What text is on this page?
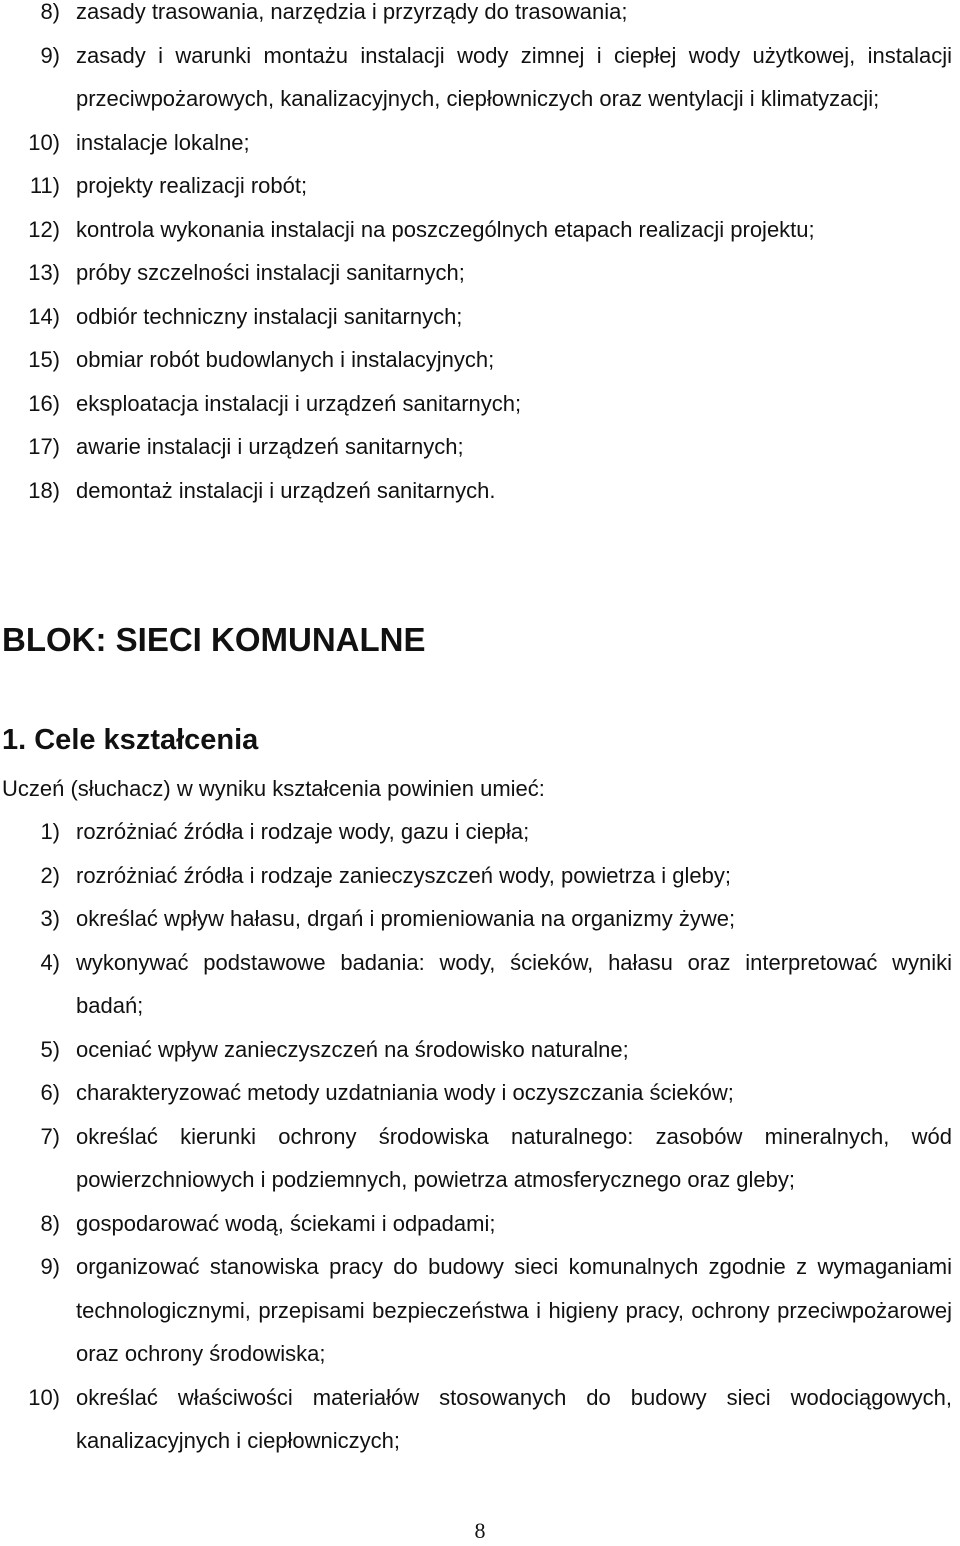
8) zasady trasowania, narzędzia i przyrządy do trasowania;
9) zasady i warunki montażu instalacji wody zimnej i ciepłej wody użytkowej, instalacji przeciwpożarowych, kanalizacyjnych, ciepłowniczych oraz wentylacji i klimatyzacji;
10) instalacje lokalne;
11) projekty realizacji robót;
12) kontrola wykonania instalacji na poszczególnych etapach realizacji projektu;
13) próby szczelności instalacji sanitarnych;
14) odbiór techniczny instalacji sanitarnych;
15) obmiar robót budowlanych i instalacyjnych;
16) eksploatacja instalacji i urządzeń sanitarnych;
17) awarie instalacji i urządzeń sanitarnych;
18) demontaż instalacji i urządzeń sanitarnych.
BLOK: SIECI KOMUNALNE
1. Cele kształcenia

Uczeń (słuchacz) w wyniku kształcenia powinien umieć:

1) rozróżniać źródła i rodzaje wody, gazu i ciepła;
2) rozróżniać źródła i rodzaje zanieczyszczeń wody, powietrza i gleby;
3) określać wpływ hałasu, drgań i promieniowania na organizmy żywe;
4) wykonywać podstawowe badania: wody, ścieków, hałasu oraz interpretować wyniki badań;
5) oceniać wpływ zanieczyszczeń na środowisko naturalne;
6) charakteryzować metody uzdatniania wody i oczyszczania ścieków;
7) określać kierunki ochrony środowiska naturalnego: zasobów mineralnych, wód powierzchniowych i podziemnych, powietrza atmosferycznego oraz gleby;
8) gospodarować wodą, ściekami i odpadami;
9) organizować stanowiska pracy do budowy sieci komunalnych zgodnie z wymaganiami technologicznymi, przepisami bezpieczeństwa i higieny pracy, ochrony przeciwpożarowej oraz ochrony środowiska;
10) określać właściwości materiałów stosowanych do budowy sieci wodociągowych, kanalizacyjnych i ciepłowniczych;
8
